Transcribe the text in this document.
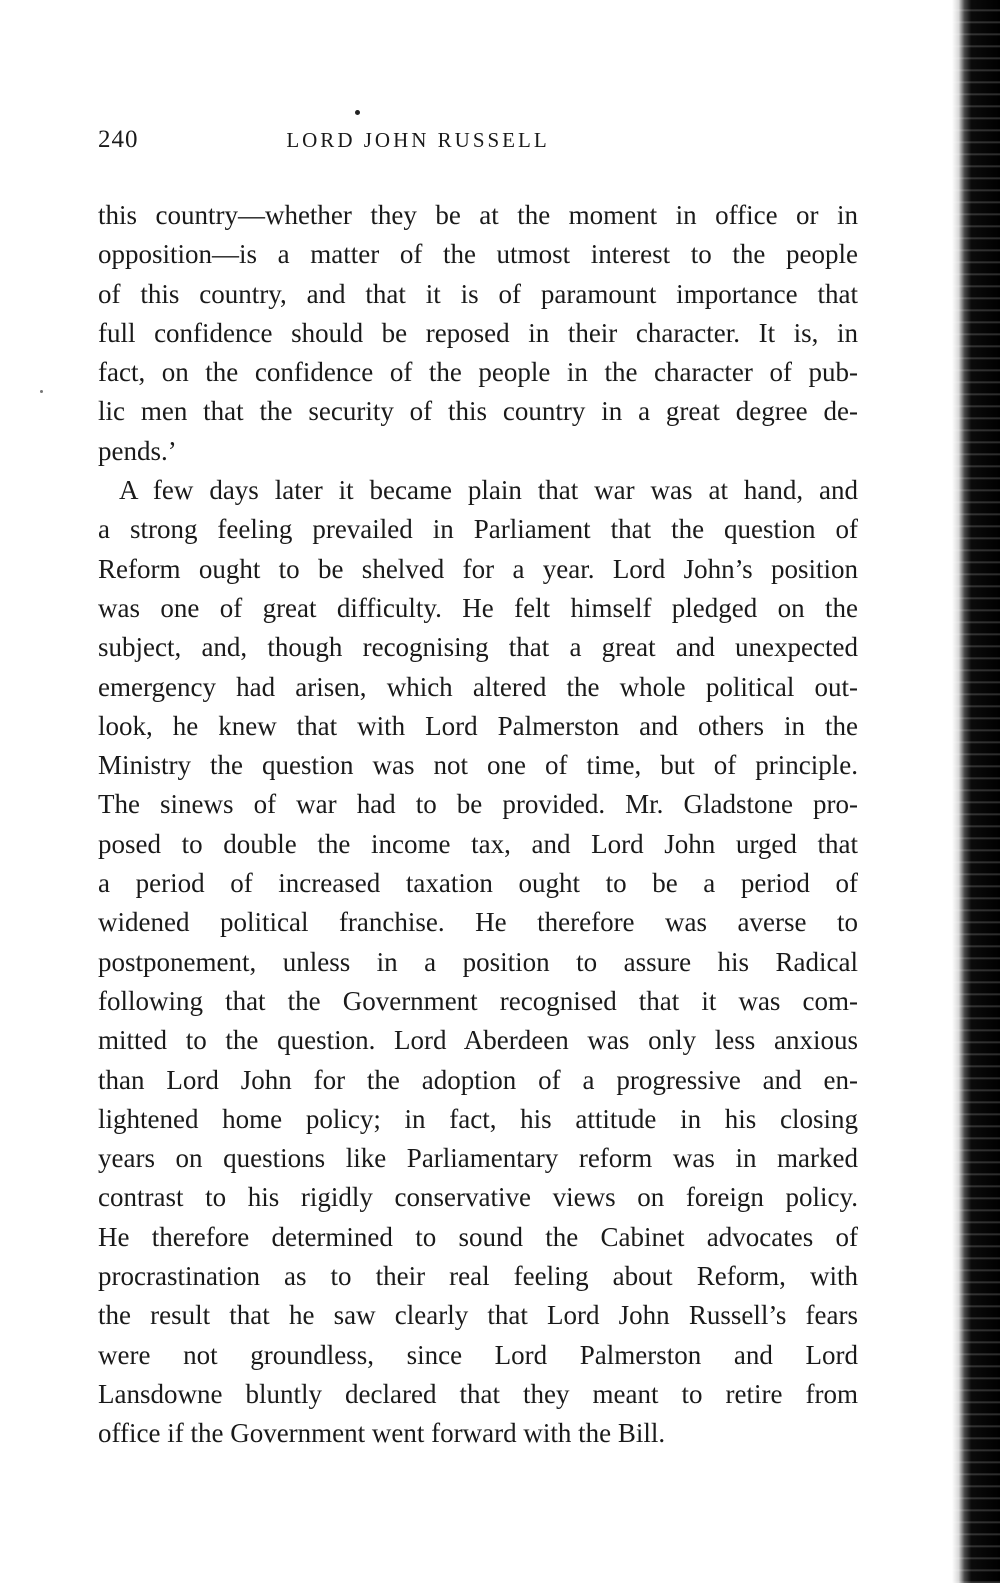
240	LORD JOHN RUSSELL
this country—whether they be at the moment in office or in
opposition—is a matter of the utmost interest to the people
of this country, and that it is of paramount importance that
full confidence should be reposed in their character. It is, in
fact, on the confidence of the people in the character of pub-
lic men that the security of this country in a great degree de-
pends.’
A few days later it became plain that war was at hand, and
a strong feeling prevailed in Parliament that the question of
Reform ought to be shelved for a year. Lord John’s position
was one of great difficulty. He felt himself pledged on the
subject, and, though recognising that a great and unexpected
emergency had arisen, which altered the whole political out-
look, he knew that with Lord Palmerston and others in the
Ministry the question was not one of time, but of principle.
The sinews of war had to be provided. Mr. Gladstone pro-
posed to double the income tax, and Lord John urged that
a period of increased taxation ought to be a period of
widened political franchise. He therefore was averse to
postponement, unless in a position to assure his Radical
following that the Government recognised that it was com-
mitted to the question. Lord Aberdeen was only less anxious
than Lord John for the adoption of a progressive and en-
lightened home policy; in fact, his attitude in his closing
years on questions like Parliamentary reform was in marked
contrast to his rigidly conservative views on foreign policy.
He therefore determined to sound the Cabinet advocates of
procrastination as to their real feeling about Reform, with
the result that he saw clearly that Lord John Russell’s fears
were not groundless, since Lord Palmerston and Lord
Lansdowne bluntly declared that they meant to retire from
office if the Government went forward with the Bill.
